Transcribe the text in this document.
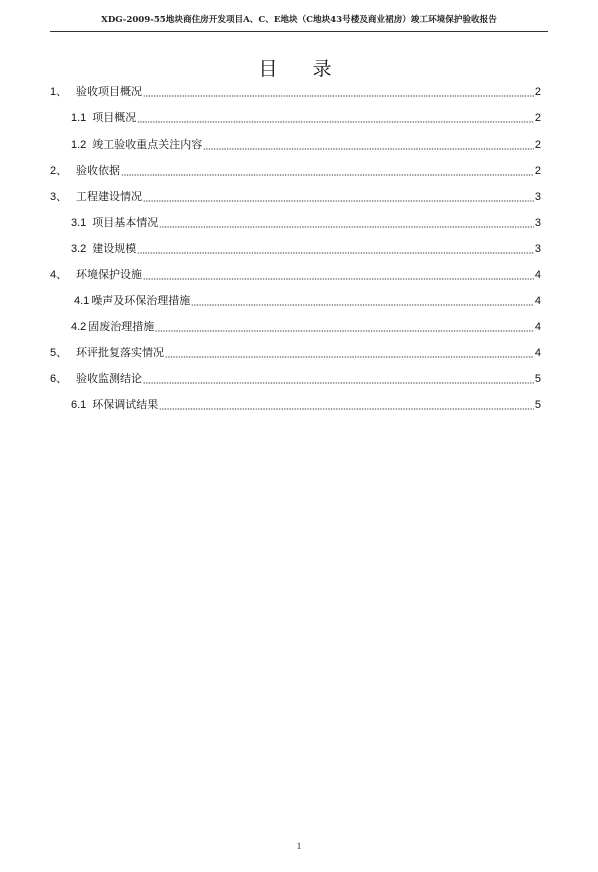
XDG-2009-55地块商住房开发项目A、C、E地块（C地块43号楼及商业裙房）竣工环境保护验收报告
目　录
1、 验收项目概况	2
1.1 项目概况	2
1.2 竣工验收重点关注内容	2
2、 验收依据	2
3、 工程建设情况	3
3.1 项目基本情况	3
3.2 建设规模	3
4、 环境保护设施	4
4.1 噪声及环保治理措施	4
4.2 固废治理措施	4
5、 环评批复落实情况	4
6、 验收监测结论	5
6.1 环保调试结果	5
1
